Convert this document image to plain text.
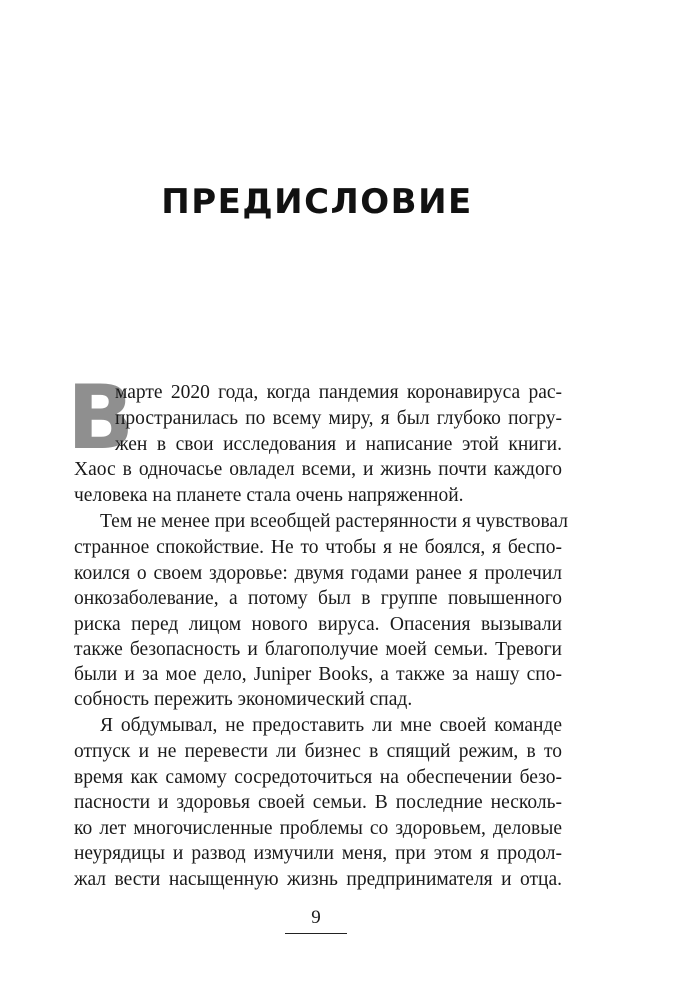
ПРЕДИСЛОВИЕ
В
марте 2020 года, когда пандемия коронавируса рас-
пространилась по всему миру, я был глубоко погру-
жен в свои исследования и написание этой книги.
Хаос в одночасье овладел всеми, и жизнь почти каждого
человека на планете стала очень напряженной.
Тем не менее при всеобщей растерянности я чувствовал
странное спокойствие. Не то чтобы я не боялся, я беспо-
коился о своем здоровье: двумя годами ранее я пролечил
онкозаболевание, а потому был в группе повышенного
риска перед лицом нового вируса. Опасения вызывали
также безопасность и благополучие моей семьи. Тревоги
были и за мое дело, Juniper Books, а также за нашу спо-
собность пережить экономический спад.
Я обдумывал, не предоставить ли мне своей команде
отпуск и не перевести ли бизнес в спящий режим, в то
время как самому сосредоточиться на обеспечении безо-
пасности и здоровья своей семьи. В последние несколь-
ко лет многочисленные проблемы со здоровьем, деловые
неурядицы и развод измучили меня, при этом я продол-
жал вести насыщенную жизнь предпринимателя и отца.
9
